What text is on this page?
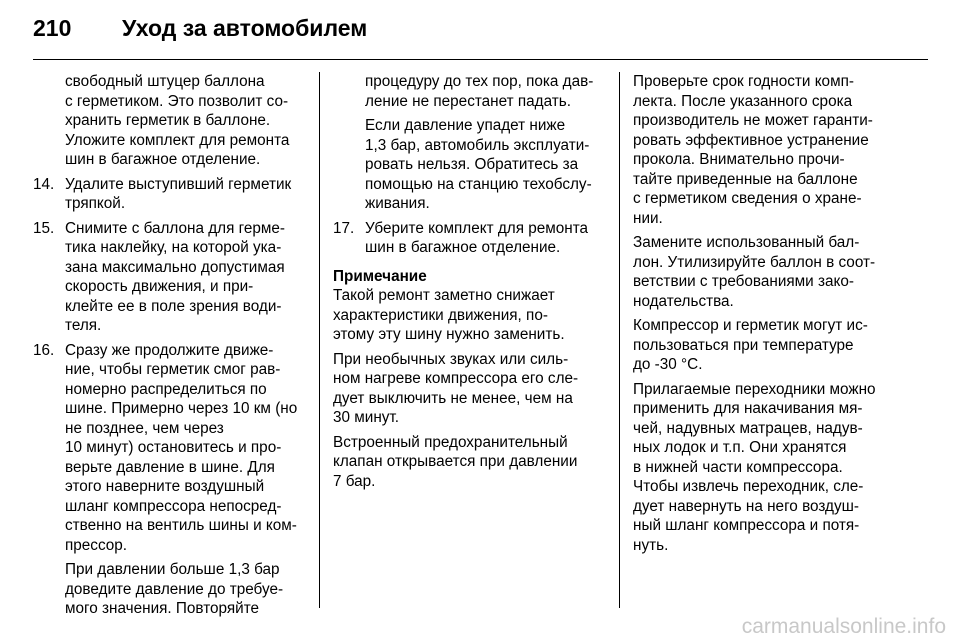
210 Уход за автомобилем
свободный штуцер баллона
с герметиком. Это позволит со-
хранить герметик в баллоне.
Уложите комплект для ремонта
шин в багажное отделение.
14. Удалите выступивший герметик
тряпкой.
15. Снимите с баллона для герме-
тика наклейку, на которой ука-
зана максимально допустимая
скорость движения, и при-
клейте ее в поле зрения води-
теля.
16. Сразу же продолжите движе-
ние, чтобы герметик смог рав-
номерно распределиться по
шине. Примерно через 10 км (но
не позднее, чем через
10 минут) остановитесь и про-
верьте давление в шине. Для
этого наверните воздушный
шланг компрессора непосред-
ственно на вентиль шины и ком-
прессор.
При давлении больше 1,3 бар
доведите давление до требуе-
мого значения. Повторяйте
процедуру до тех пор, пока дав-
ление не перестанет падать.
Если давление упадет ниже
1,3 бар, автомобиль эксплуати-
ровать нельзя. Обратитесь за
помощью на станцию техобслу-
живания.
17. Уберите комплект для ремонта
шин в багажное отделение.
Примечание
Такой ремонт заметно снижает
характеристики движения, по-
этому эту шину нужно заменить.
При необычных звуках или силь-
ном нагреве компрессора его сле-
дует выключить не менее, чем на
30 минут.
Встроенный предохранительный
клапан открывается при давлении
7 бар.
Проверьте срок годности комп-
лекта. После указанного срока
производитель не может гаранти-
ровать эффективное устранение
прокола. Внимательно прочи-
тайте приведенные на баллоне
с герметиком сведения о хране-
нии.
Замените использованный бал-
лон. Утилизируйте баллон в соот-
ветствии с требованиями зако-
нодательства.
Компрессор и герметик могут ис-
пользоваться при температуре
до -30 °C.
Прилагаемые переходники можно
применить для накачивания мя-
чей, надувных матрацев, надув-
ных лодок и т.п. Они хранятся
в нижней части компрессора.
Чтобы извлечь переходник, сле-
дует навернуть на него воздуш-
ный шланг компрессора и потя-
нуть.
carmanualsonline.info
